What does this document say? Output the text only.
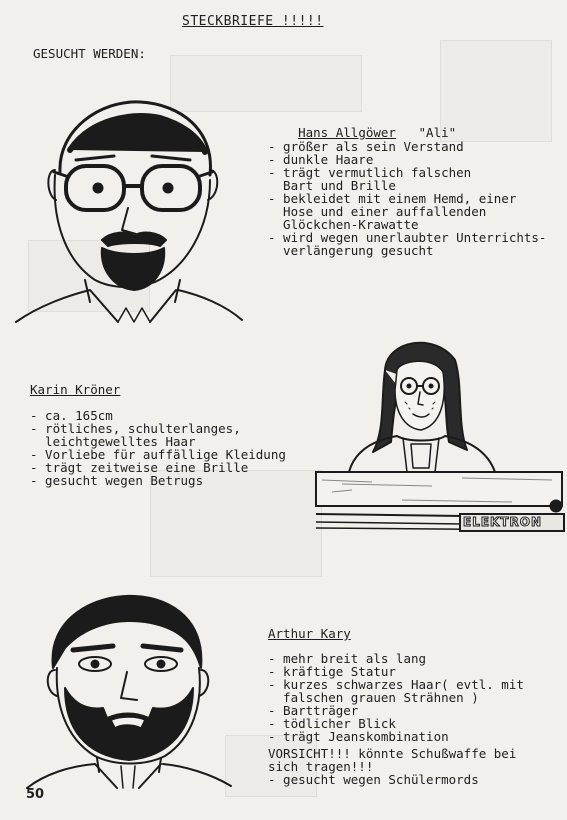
STECKBRIEFE !!!!!
GESUCHT WERDEN:

Hans Allgöwer "Ali"

- größer als sein Verstand
- dunkle Haare
- trägt vermutlich falschen
Bart und Brille
- bekleidet mit einem Hemd, einer
Hose und einer auffallenden
Glöckchen-Krawatte
- wird wegen unerlaubter Unterrichts-
verlängerung gesucht
Karin Kröner
- ca. 165cm
- rötliches, schulterlanges,
leichtgewelltes Haar
- Vorliebe für auffällige Kleidung
- trägt zeitweise eine Brille
- gesucht wegen Betrugs
ELEKTRON
Arthur Kary
- mehr breit als lang
- kräftige Statur
- kurzes schwarzes Haar( evtl. mit
falschen grauen Strähnen )
- Bartträger
- tödlicher Blick
- trägt Jeanskombination
VORSICHT!!! könnte Schußwaffe bei
sich tragen!!!
- gesucht wegen Schülermords
50
